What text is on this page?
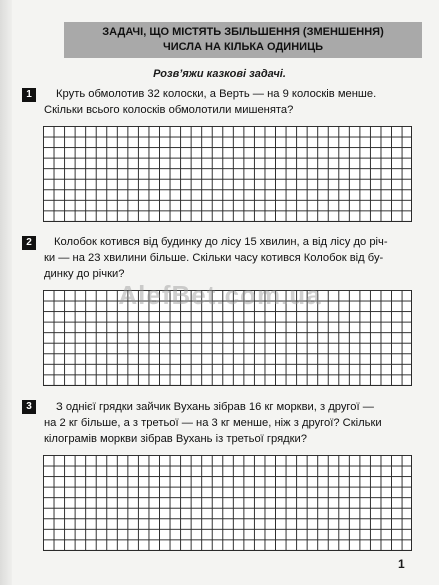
ЗАДАЧІ, ЩО МІСТЯТЬ ЗБІЛЬШЕННЯ (ЗМЕНШЕННЯ)
ЧИСЛА НА КІЛЬКА ОДИНИЦЬ
Розв’яжи казкові задачі.
1	Круть обмолотив 32 колоски, а Верть — на 9 колосків менше.
Скільки всього колосків обмолотили мишенята?
2	Колобок котився від будинку до лісу 15 хвилин, а від лісу до річ-
ки — на 23 хвилини більше. Скільки часу котився Колобок від бу-
динку до річки?
3	З однієї грядки зайчик Вухань зібрав 16 кг моркви, з другої —
на 2 кг більше, а з третьої — на 3 кг менше, ніж з другої? Скільки
кілограмів моркви зібрав Вухань із третьої грядки?
AlefBet.com.ua
1
